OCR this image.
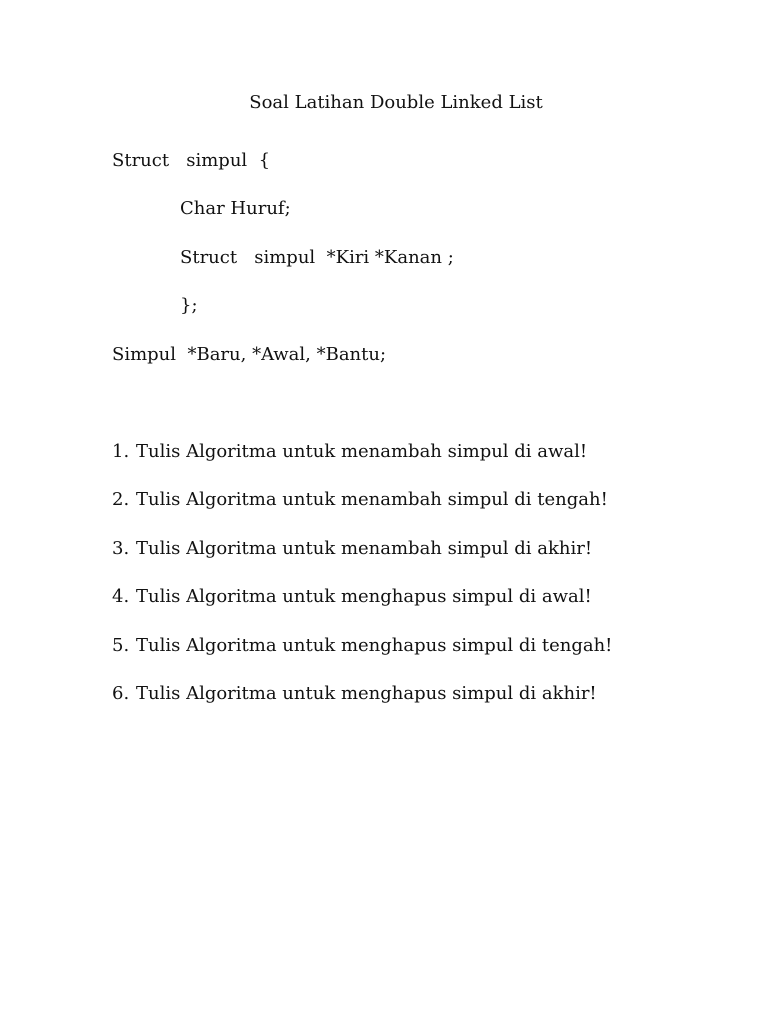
Soal Latihan Double Linked List
Struct   simpul  {
Char Huruf;
Struct   simpul  *Kiri *Kanan ;
};
Simpul  *Baru, *Awal, *Bantu;
1. Tulis Algoritma untuk menambah simpul di awal!
2. Tulis Algoritma untuk menambah simpul di tengah!
3. Tulis Algoritma untuk menambah simpul di akhir!
4. Tulis Algoritma untuk menghapus simpul di awal!
5. Tulis Algoritma untuk menghapus simpul di tengah!
6. Tulis Algoritma untuk menghapus simpul di akhir!
